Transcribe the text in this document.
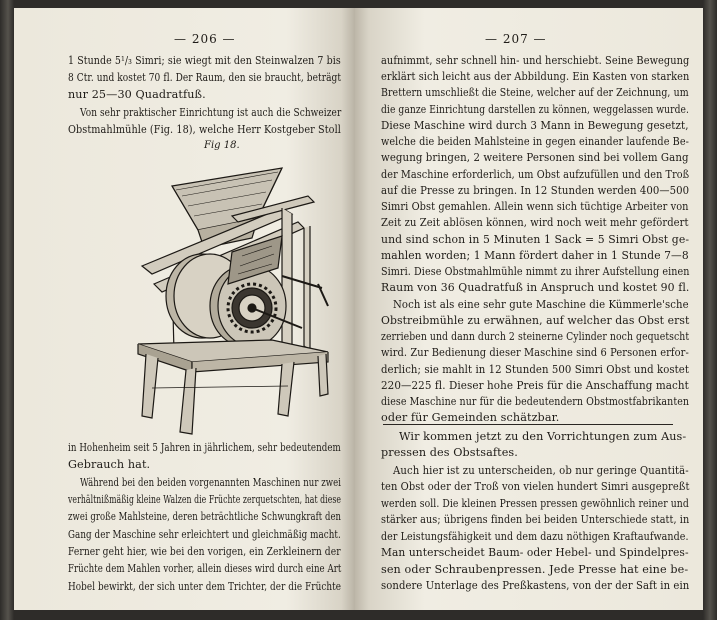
— 206 —
1 Stunde 5¹/₃ Simri; sie wiegt mit den Steinwalzen 7 bis
8 Ctr. und kostet 70 fl. Der Raum, den sie braucht, beträgt
nur 25—30 Quadratfuß.
Von sehr praktischer Einrichtung ist auch die Schweizer
Obstmahlmühle (Fig. 18), welche Herr Kostgeber Stoll
Fig 18.
in Hohenheim seit 5 Jahren in jährlichem, sehr bedeutendem
Gebrauch hat.
Während bei den beiden vorgenannten Maschinen nur zwei
verhältnißmäßig kleine Walzen die Früchte zerquetschten, hat diese
zwei große Mahlsteine, deren beträchtliche Schwungkraft den
Gang der Maschine sehr erleichtert und gleichmäßig macht.
Ferner geht hier, wie bei den vorigen, ein Zerkleinern der
Früchte dem Mahlen vorher, allein dieses wird durch eine Art
Hobel bewirkt, der sich unter dem Trichter, der die Früchte
— 207 —
aufnimmt, sehr schnell hin- und herschiebt. Seine Bewegung
erklärt sich leicht aus der Abbildung. Ein Kasten von starken
Brettern umschließt die Steine, welcher auf der Zeichnung, um
die ganze Einrichtung darstellen zu können, weggelassen wurde.
Diese Maschine wird durch 3 Mann in Bewegung gesetzt,
welche die beiden Mahlsteine in gegen einander laufende Be-
wegung bringen, 2 weitere Personen sind bei vollem Gang
der Maschine erforderlich, um Obst aufzufüllen und den Troß
auf die Presse zu bringen. In 12 Stunden werden 400—500
Simri Obst gemahlen. Allein wenn sich tüchtige Arbeiter von
Zeit zu Zeit ablösen können, wird noch weit mehr gefördert
und sind schon in 5 Minuten 1 Sack = 5 Simri Obst ge-
mahlen worden; 1 Mann fördert daher in 1 Stunde 7—8
Simri. Diese Obstmahlmühle nimmt zu ihrer Aufstellung einen
Raum von 36 Quadratfuß in Anspruch und kostet 90 fl.
Noch ist als eine sehr gute Maschine die Kümmerle'sche
Obstreibmühle zu erwähnen, auf welcher das Obst erst
zerrieben und dann durch 2 steinerne Cylinder noch gequetscht
wird. Zur Bedienung dieser Maschine sind 6 Personen erfor-
derlich; sie mahlt in 12 Stunden 500 Simri Obst und kostet
220—225 fl. Dieser hohe Preis für die Anschaffung macht
diese Maschine nur für die bedeutendern Obstmostfabrikanten
oder für Gemeinden schätzbar.
Wir kommen jetzt zu den Vorrichtungen zum Aus-
pressen des Obstsaftes.
Auch hier ist zu unterscheiden, ob nur geringe Quantitä-
ten Obst oder der Troß von vielen hundert Simri ausgepreßt
werden soll. Die kleinen Pressen pressen gewöhnlich reiner und
stärker aus; übrigens finden bei beiden Unterschiede statt, in
der Leistungsfähigkeit und dem dazu nöthigen Kraftaufwande.
Man unterscheidet Baum- oder Hebel- und Spindelpres-
sen oder Schraubenpressen. Jede Presse hat eine be-
sondere Unterlage des Preßkastens, von der der Saft in ein
